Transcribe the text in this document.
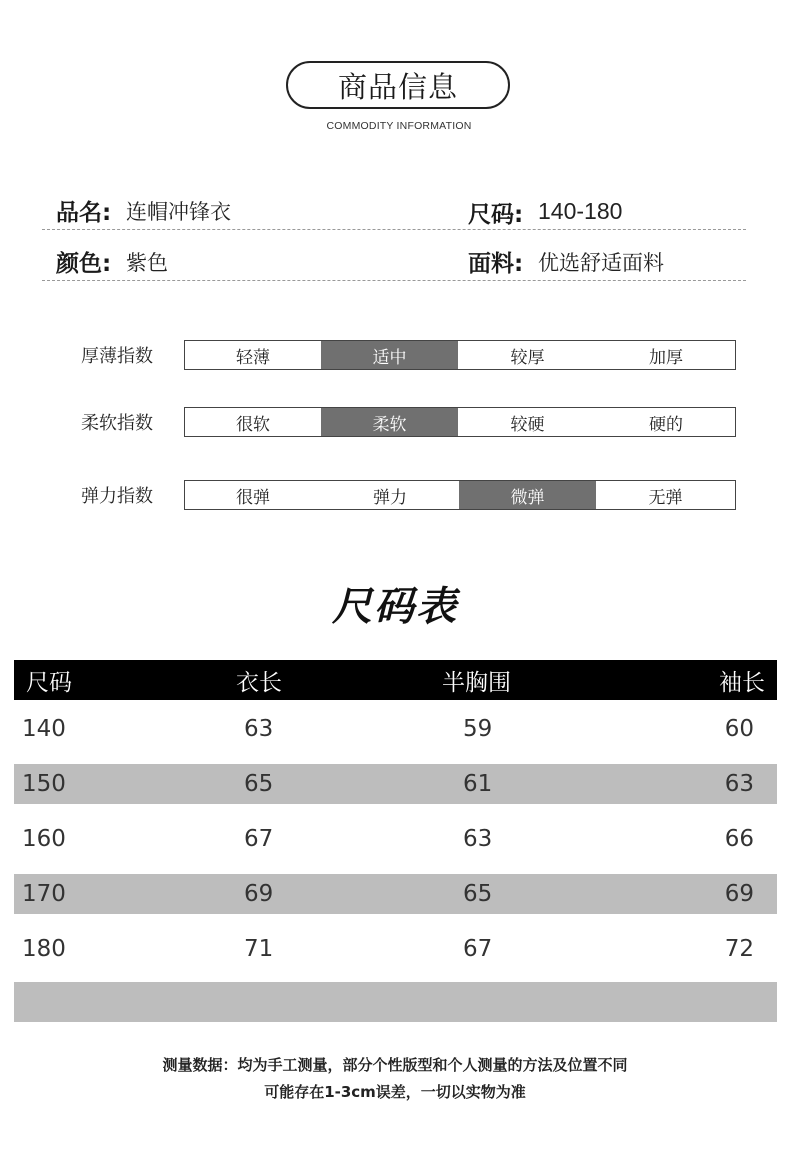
商品信息
COMMODITY INFORMATION
品名: 连帽冲锋衣	尺码: 140-180
颜色: 紫色	面料: 优选舒适面料
厚薄指数	轻薄	适中	较厚	加厚
柔软指数	很软	柔软	较硬	硬的
弹力指数	很弹	弹力	微弹	无弹
尺码表
尺码	衣长	半胸围	袖长
140	63	59	60
150	65	61	63
160	67	63	66
170	69	65	69
180	71	67	72
测量数据：均为手工测量，部分个性版型和个人测量的方法及位置不同
可能存在1-3cm误差，一切以实物为准
